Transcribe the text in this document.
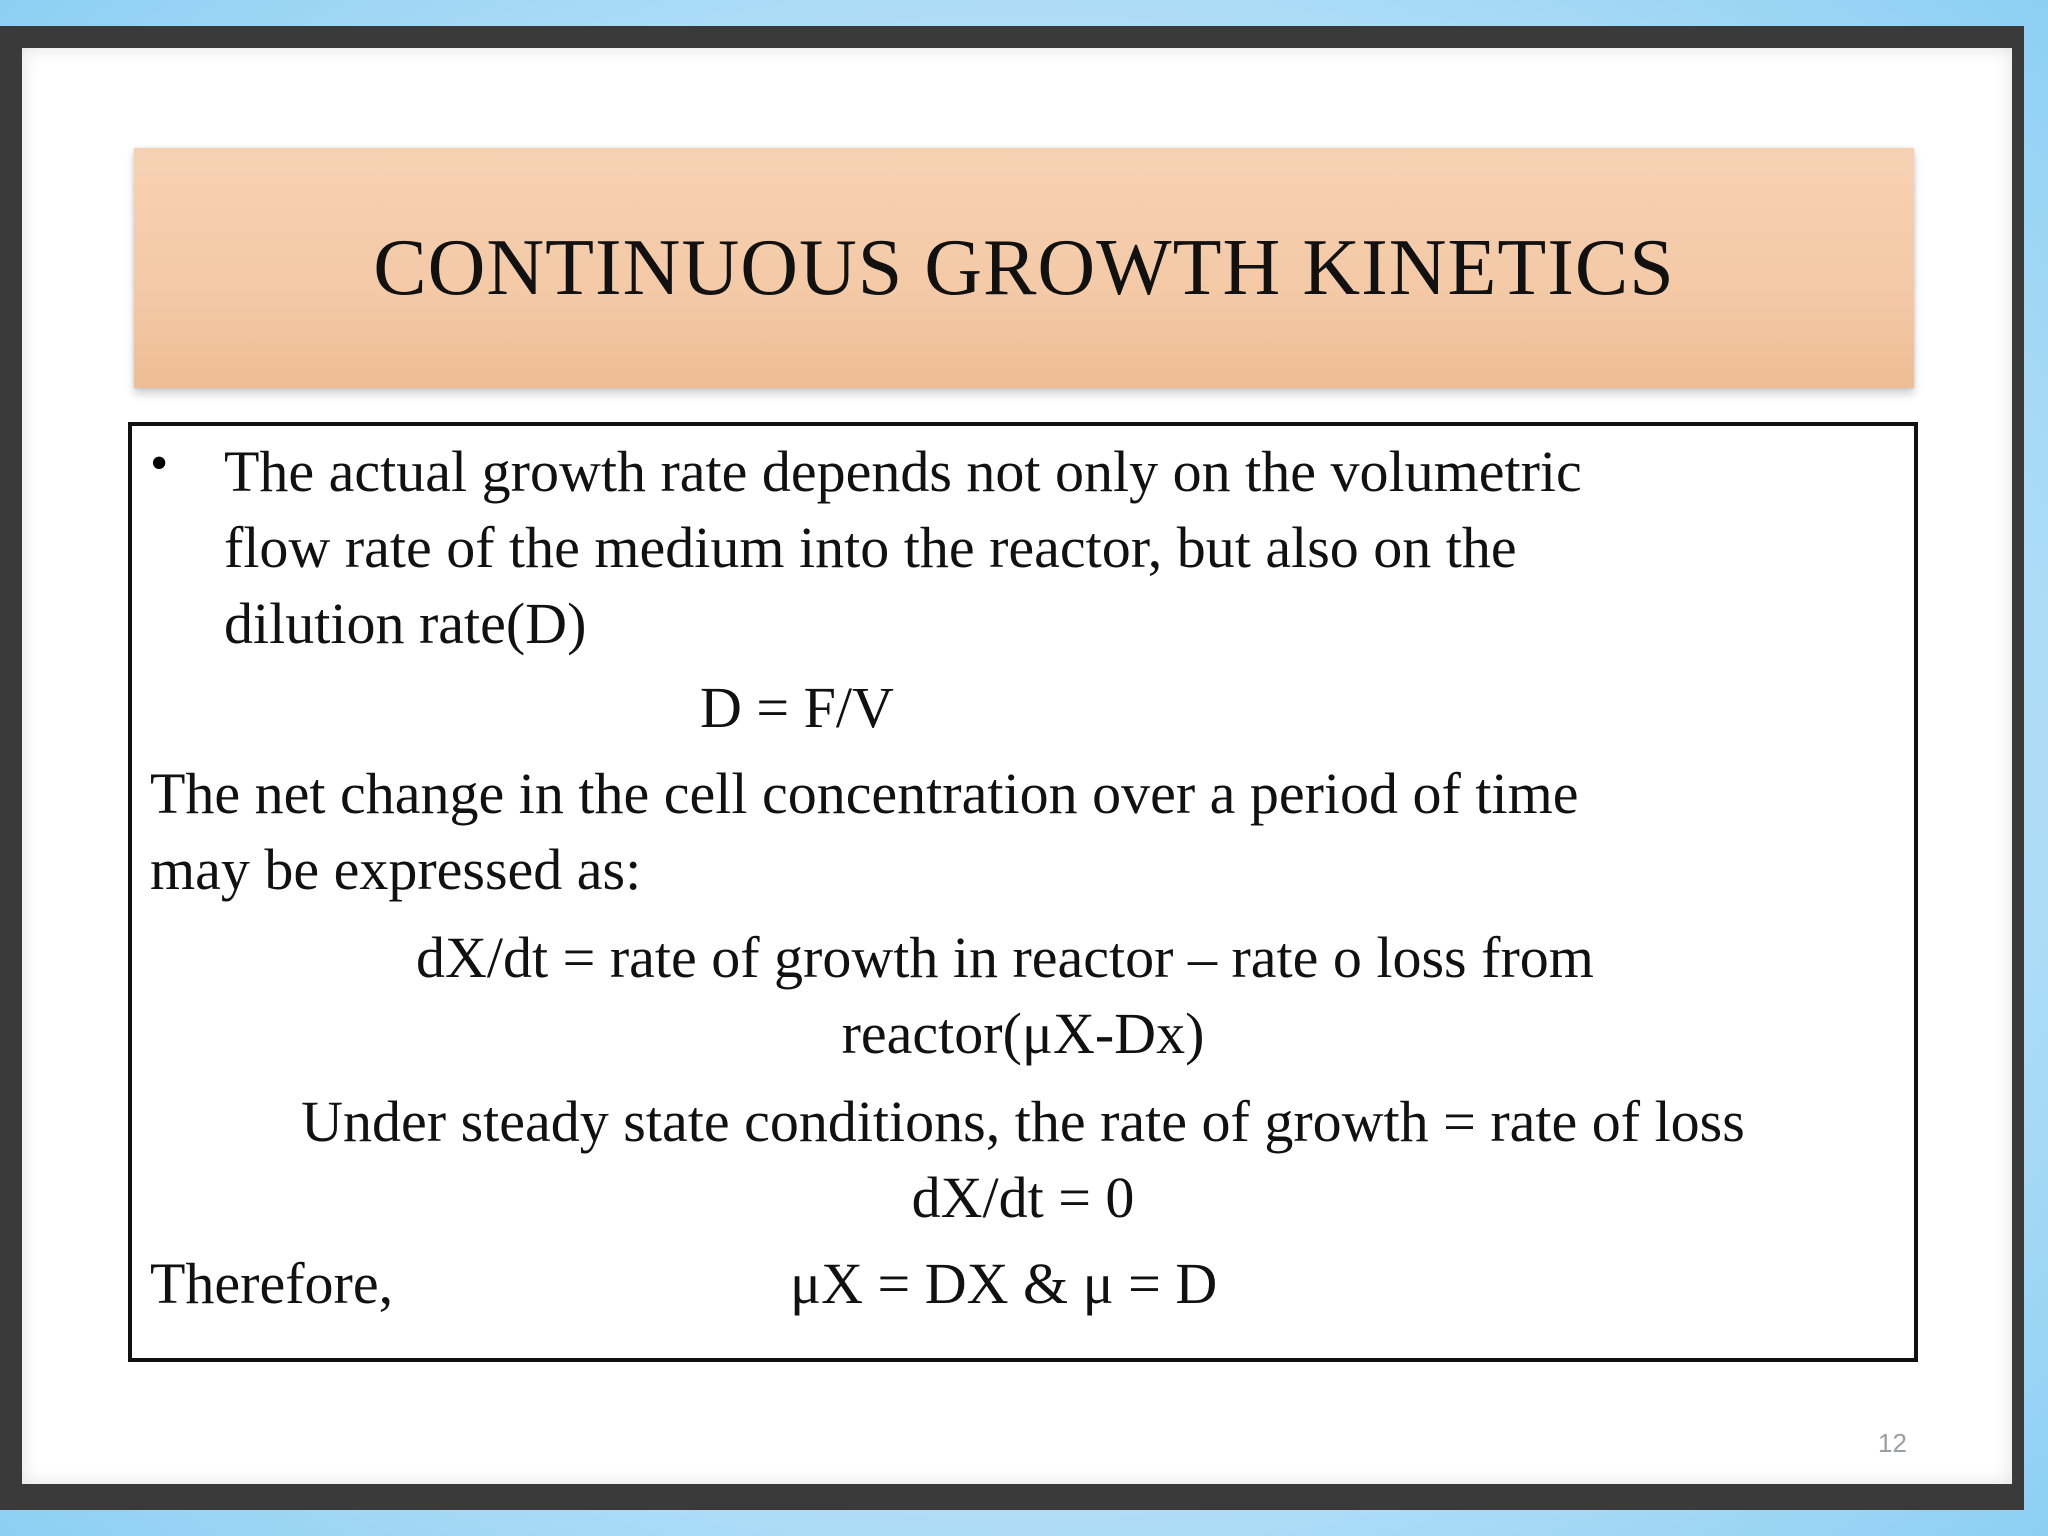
CONTINUOUS GROWTH KINETICS
• The actual growth rate depends not only on the volumetric
flow rate of the medium into the reactor, but also on the
dilution rate(D)
D = F/V
The net change in the cell concentration over a period of time
may be expressed as:
dX/dt = rate of growth in reactor – rate o loss from
reactor(μX-Dx)
Under steady state conditions, the rate of growth = rate of loss
dX/dt = 0
Therefore,	μX = DX & μ = D
12
